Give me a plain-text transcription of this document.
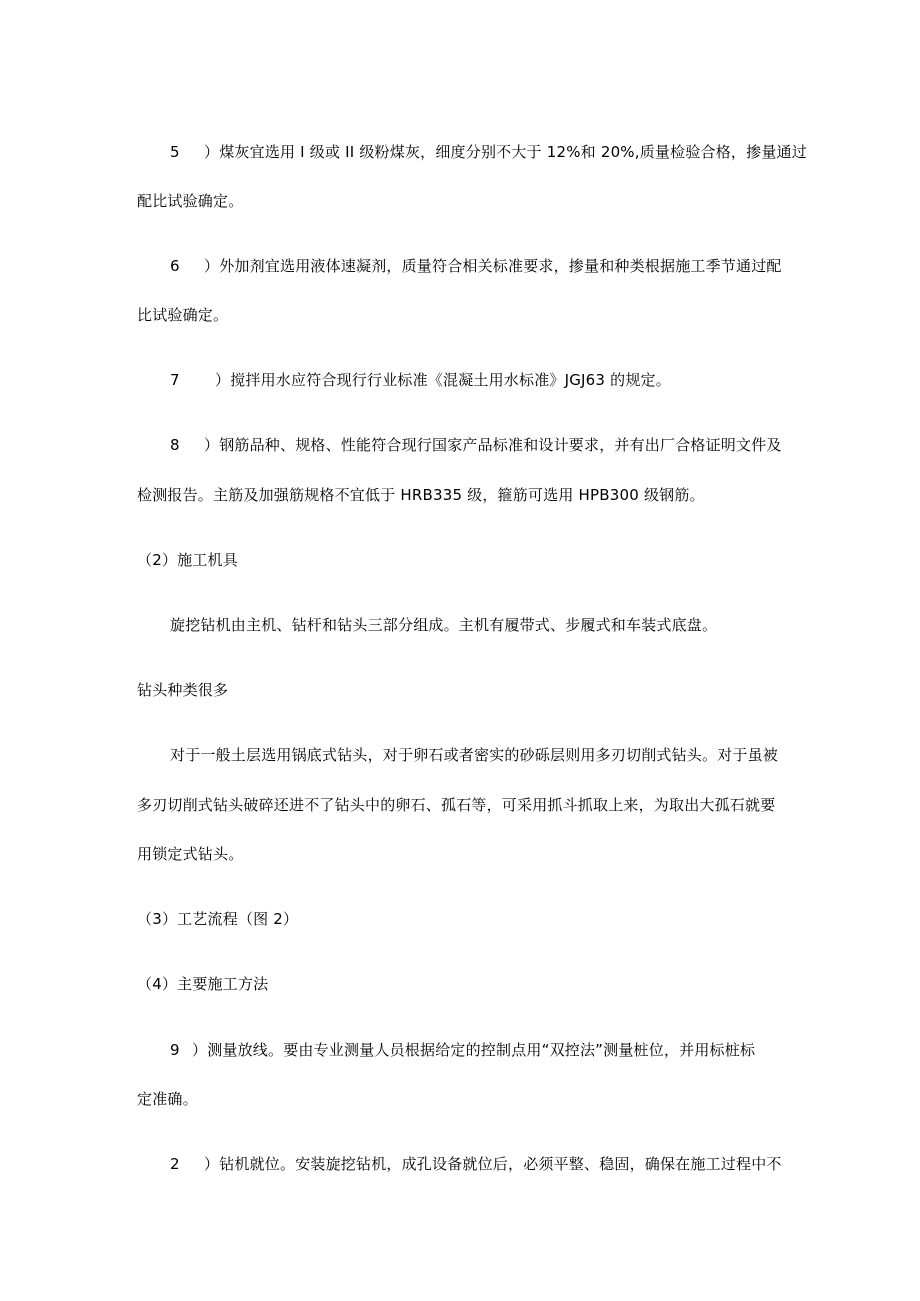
5 ）煤灰宜选用 I 级或 II 级粉煤灰，细度分别不大于 12%和 20%,质量检验合格，掺量通过
配比试验确定。
6 ）外加剂宜选用液体速凝剂，质量符合相关标准要求，掺量和种类根据施工季节通过配
比试验确定。
7 ）搅拌用水应符合现行行业标准《混凝土用水标准》JGJ63 的规定。
8 ）钢筋品种、规格、性能符合现行国家产品标准和设计要求，并有出厂合格证明文件及
检测报告。主筋及加强筋规格不宜低于 HRB335 级，箍筋可选用 HPB300 级钢筋。
（2）施工机具
旋挖钻机由主机、钻杆和钻头三部分组成。主机有履带式、步履式和车装式底盘。
钻头种类很多
对于一般土层选用锅底式钻头，对于卵石或者密实的砂砾层则用多刃切削式钻头。对于虽被
多刃切削式钻头破碎还进不了钻头中的卵石、孤石等，可采用抓斗抓取上来，为取出大孤石就要
用锁定式钻头。
（3）工艺流程（图 2）
（4）主要施工方法
9 ）测量放线。要由专业测量人员根据给定的控制点用“双控法”测量桩位，并用标桩标
定准确。
2 ）钻机就位。安装旋挖钻机，成孔设备就位后，必须平整、稳固，确保在施工过程中不
